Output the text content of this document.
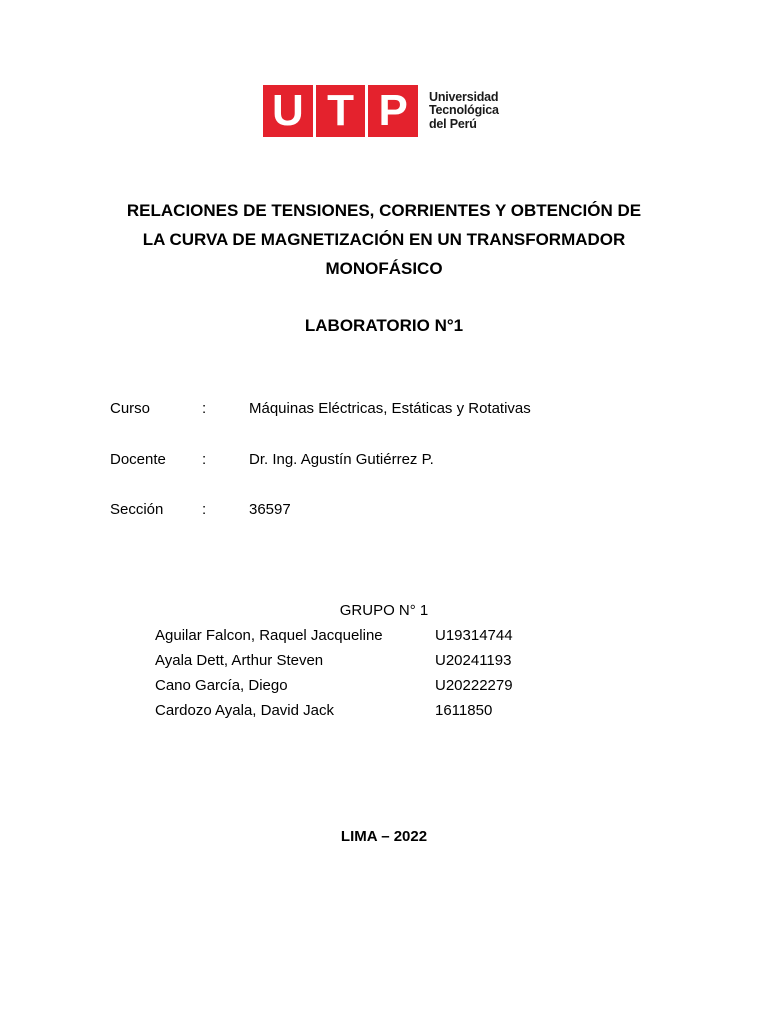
U T P	Universidad
Tecnológica
del Perú
RELACIONES DE TENSIONES, CORRIENTES Y OBTENCIÓN DE
LA CURVA DE MAGNETIZACIÓN EN UN TRANSFORMADOR
MONOFÁSICO
LABORATORIO N°1
Curso	:	Máquinas Eléctricas, Estáticas y Rotativas
Docente :	Dr. Ing. Agustín Gutiérrez P.
Sección	:	36597
GRUPO N° 1
Aguilar Falcon, Raquel Jacqueline	U19314744
Ayala Dett, Arthur Steven	U20241193
Cano García, Diego	U20222279
Cardozo Ayala, David Jack	1611850
LIMA – 2022
